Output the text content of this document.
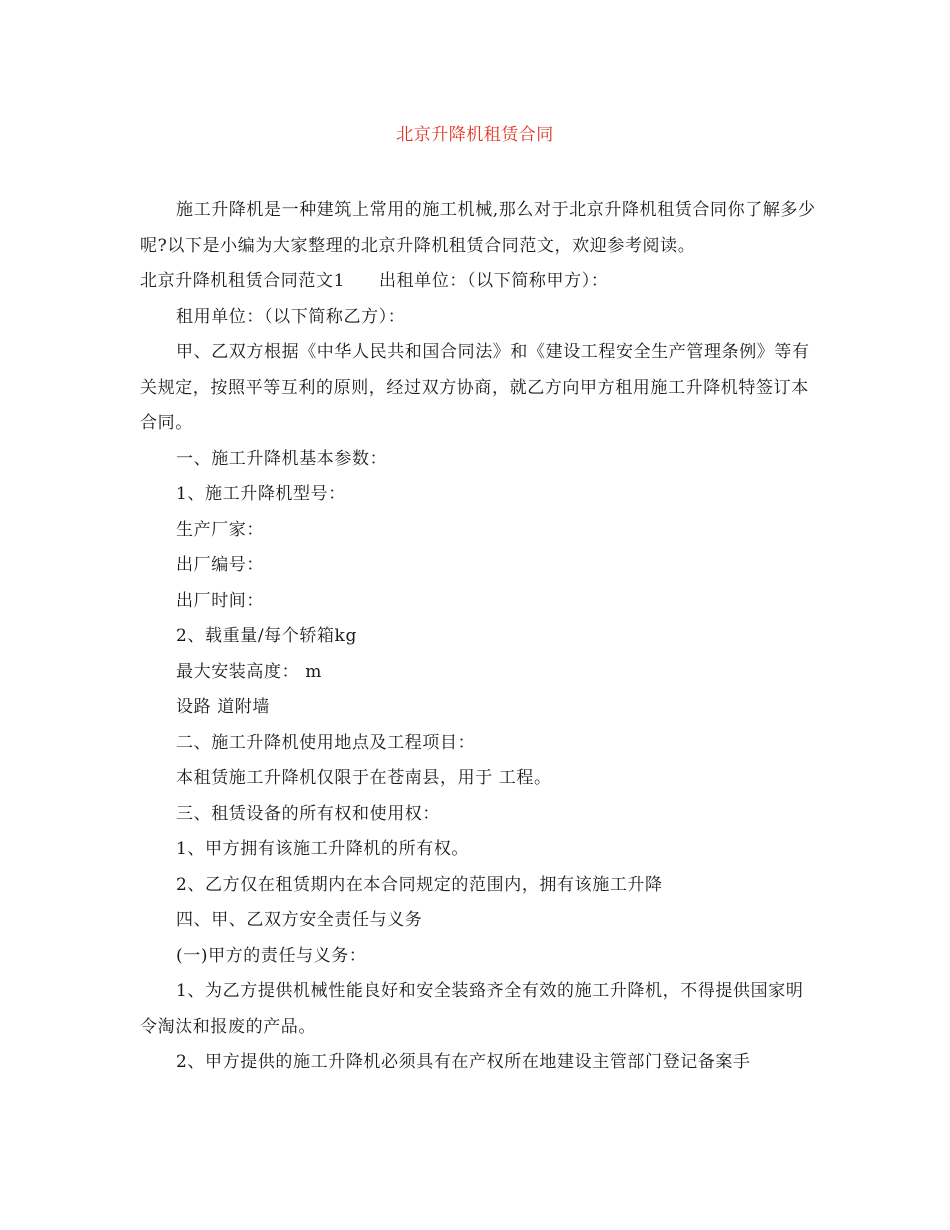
北京升降机租赁合同

施工升降机是一种建筑上常用的施工机械,那么对于北京升降机租赁合同你了解多少呢?以下是小编为大家整理的北京升降机租赁合同范文，欢迎参考阅读。

北京升降机租赁合同范文1 出租单位：（以下简称甲方）：

租用单位：（以下简称乙方）：

甲、乙双方根据《中华人民共和国合同法》和《建设工程安全生产管理条例》等有关规定，按照平等互利的原则，经过双方协商，就乙方向甲方租用施工升降机特签订本合同。

一、施工升降机基本参数：

1、施工升降机型号：

生产厂家：

出厂编号：

出厂时间：

2、载重量/每个轿箱kg

最大安装高度： m

设路 道附墙

二、施工升降机使用地点及工程项目：

本租赁施工升降机仅限于在苍南县，用于 工程。

三、租赁设备的所有权和使用权：

1、甲方拥有该施工升降机的所有权。

2、乙方仅在租赁期内在本合同规定的范围内，拥有该施工升降

四、甲、乙双方安全责任与义务

(一)甲方的责任与义务：

1、为乙方提供机械性能良好和安全装臵齐全有效的施工升降机，不得提供国家明令淘汰和报废的产品。

2、甲方提供的施工升降机必须具有在产权所在地建设主管部门登记备案手
